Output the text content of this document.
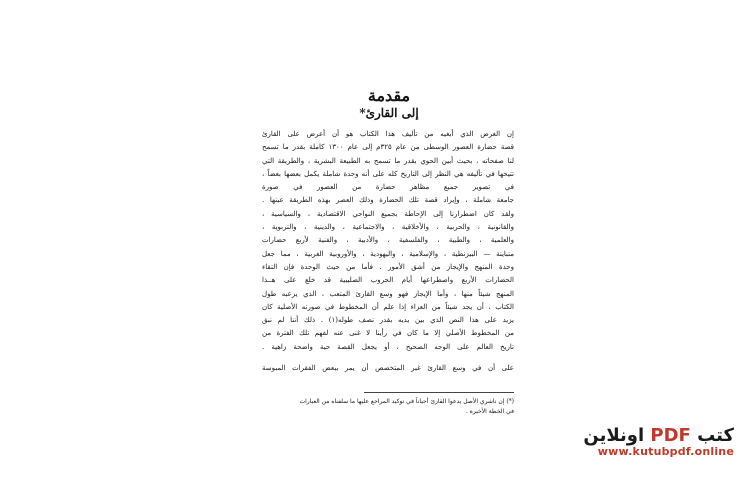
مقدمة
إلى القارئ*

إن الغرض الذي أبغيه من تأليف هذا الكتاب هو أن أعرض على القارئ

قصة حضارة العصور الوسطى من عام ٣٢٥م إلى عام ١٣٠٠ كاملة بقدر ما تسمح

لنا صفحاته ، بحيث أبين الحوي بقدر ما تسمح به الطبيعة البشرية ، والطريقة التي

تتيحها في تأليفه هي النظر إلى التاريخ كله على أنه وحدة شاملة يكمل بعضها بعضاً ،

في تصوير جميع مظاهر حضارة من العصور في صورة

جامعة شاملة ، وإيراد قصة تلك الحضارة وذلك العصر بهذه الطريقة عينها .

ولقد كان اضطرارنا إلى الإحاطة بجميع النواحي الاقتصادية ، والسياسية ،

والقانونية ، والحربية ، والأخلاقية ، والاجتماعية ، والدينية ، والتربوية ،

والعلمية ، والطبية ، والفلسفية ، والأدبية ، والفنية لأربع حضارات

متباينة — البيزنطية ، والإسلامية ، واليهودية ، والأوروبية الغربية ، مما جعل

وحدة المنهج والإيجاز من أشق الأمور . فأما من حيث الوحدة فإن التقاء

الحضارات الأربع واصطراعها أيام الحروب الصليبية قد خلع على هــذا

المنهج شيئاً منها ، وأما الإيجاز فهو وسع القارئ المتعب ، الذي يرعبه طول

الكتاب ، أن يجد شيئاً من العزاء إذا علم أن المخطوط في صورته الأصلية كان

يزيد على هذا النص الذي بين يديه بقدر نصف طوله(١) . ذلك أننا لم نبق

من المخطوط الأصلي إلا ما كان في رأينا لا غنى عنه لفهم تلك الفترة من

تاريخ العالم على الوجه الصحيح ، أو يجعل القصة حية واضحة زاهية .

على أن في وسع القارئ غير المتخصص أن يمر ببعض الفقرات المبوسة

(*) إن ناشري الأصل يدعوا القارئ أحياناً في توكيد المراجع عليها ما سلفناه من العبارات

في الخطة الأخيرة .

كتب PDF اونلاين
www.kutubpdf.online
